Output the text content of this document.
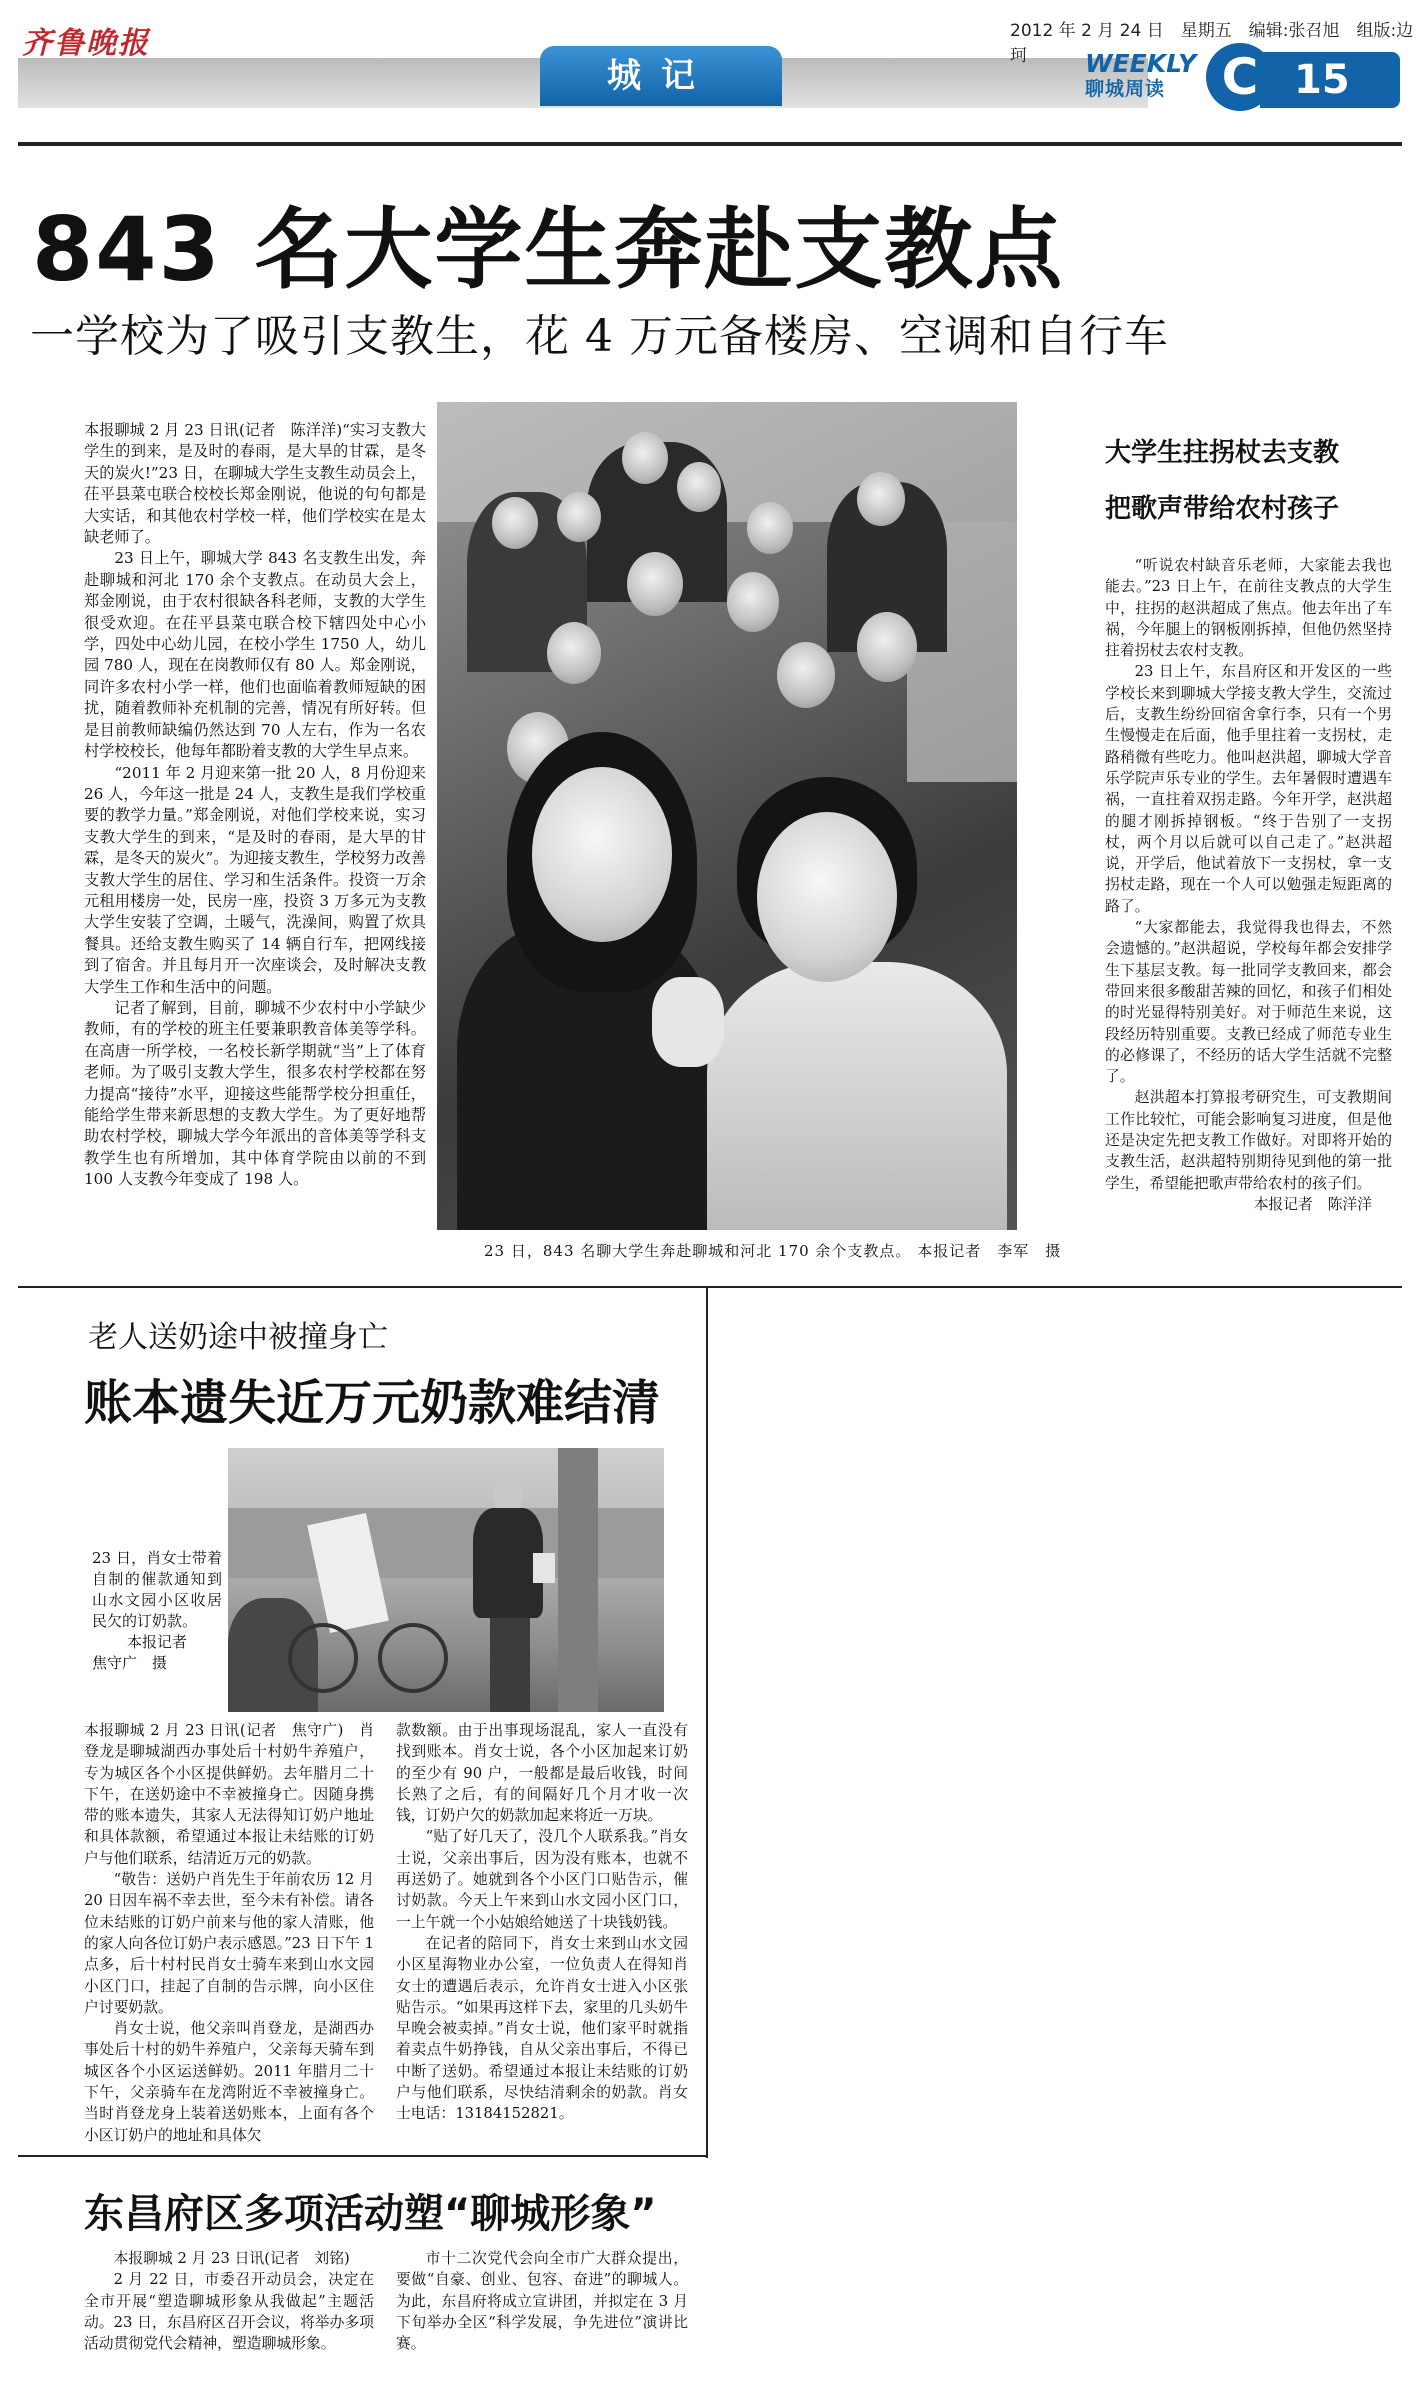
齐鲁晚报	2012 年 2 月 24 日　星期五　编辑:张召旭　组版:边珂
城记	WEEKLY
聊城周读	15
C
843 名大学生奔赴支教点
一学校为了吸引支教生，花 4 万元备楼房、空调和自行车

本报聊城 2 月 23 日讯(记者　陈洋洋)“实习支教大学生的到来，是及时的春雨，是大旱的甘霖，是冬天的炭火!”23 日，在聊城大学生支教生动员会上，茌平县菜屯联合校校长郑金刚说，他说的句句都是大实话，和其他农村学校一样，他们学校实在是太缺老师了。

23 日上午，聊城大学 843 名支教生出发，奔赴聊城和河北 170 余个支教点。在动员大会上，郑金刚说，由于农村很缺各科老师，支教的大学生很受欢迎。在茌平县菜屯联合校下辖四处中心小学，四处中心幼儿园，在校小学生 1750 人，幼儿园 780 人，现在在岗教师仅有 80 人。郑金刚说，同许多农村小学一样，他们也面临着教师短缺的困扰，随着教师补充机制的完善，情况有所好转。但是目前教师缺编仍然达到 70 人左右，作为一名农村学校校长，他每年都盼着支教的大学生早点来。

“2011 年 2 月迎来第一批 20 人，8 月份迎来 26 人，今年这一批是 24 人，支教生是我们学校重要的教学力量。”郑金刚说，对他们学校来说，实习支教大学生的到来，“是及时的春雨，是大旱的甘霖，是冬天的炭火”。为迎接支教生，学校努力改善支教大学生的居住、学习和生活条件。投资一万余元租用楼房一处，民房一座，投资 3 万多元为支教大学生安装了空调，土暖气，洗澡间，购置了炊具餐具。还给支教生购买了 14 辆自行车，把网线接到了宿舍。并且每月开一次座谈会，及时解决支教大学生工作和生活中的问题。

记者了解到，目前，聊城不少农村中小学缺少教师，有的学校的班主任要兼职教音体美等学科。在高唐一所学校，一名校长新学期就“当”上了体育老师。为了吸引支教大学生，很多农村学校都在努力提高“接待”水平，迎接这些能帮学校分担重任，能给学生带来新思想的支教大学生。为了更好地帮助农村学校，聊城大学今年派出的音体美等学科支教学生也有所增加，其中体育学院由以前的不到 100 人支教今年变成了 198 人。

23 日，843 名聊大学生奔赴聊城和河北 170 余个支教点。 本报记者　李军　摄
大学生拄拐杖去支教
把歌声带给农村孩子

“听说农村缺音乐老师，大家能去我也能去。”23 日上午，在前往支教点的大学生中，拄拐的赵洪超成了焦点。他去年出了车祸，今年腿上的钢板刚拆掉，但他仍然坚持拄着拐杖去农村支教。

23 日上午，东昌府区和开发区的一些学校长来到聊城大学接支教大学生，交流过后，支教生纷纷回宿舍拿行李，只有一个男生慢慢走在后面，他手里拄着一支拐杖，走路稍微有些吃力。他叫赵洪超，聊城大学音乐学院声乐专业的学生。去年暑假时遭遇车祸，一直拄着双拐走路。今年开学，赵洪超的腿才刚拆掉钢板。“终于告别了一支拐杖，两个月以后就可以自己走了。”赵洪超说，开学后，他试着放下一支拐杖，拿一支拐杖走路，现在一个人可以勉强走短距离的路了。

“大家都能去，我觉得我也得去，不然会遗憾的。”赵洪超说，学校每年都会安排学生下基层支教。每一批同学支教回来，都会带回来很多酸甜苦辣的回忆，和孩子们相处的时光显得特别美好。对于师范生来说，这段经历特别重要。支教已经成了师范专业生的必修课了，不经历的话大学生活就不完整了。

赵洪超本打算报考研究生，可支教期间工作比较忙，可能会影响复习进度，但是他还是决定先把支教工作做好。对即将开始的支教生活，赵洪超特别期待见到他的第一批学生，希望能把歌声带给农村的孩子们。

本报记者　陈洋洋
老人送奶途中被撞身亡
账本遗失近万元奶款难结清
23 日，肖女士带着自制的催款通知到山水文园小区收居民欠的订奶款。
本报记者
焦守广　摄

本报聊城 2 月 23 日讯(记者　焦守广)　肖登龙是聊城湖西办事处后十村奶牛养殖户，专为城区各个小区提供鲜奶。去年腊月二十下午，在送奶途中不幸被撞身亡。因随身携带的账本遗失，其家人无法得知订奶户地址和具体款额，希望通过本报让未结账的订奶户与他们联系，结清近万元的奶款。

“敬告：送奶户肖先生于年前农历 12 月 20 日因车祸不幸去世，至今未有补偿。请各位未结账的订奶户前来与他的家人清账，他的家人向各位订奶户表示感恩。”23 日下午 1 点多，后十村村民肖女士骑车来到山水文园小区门口，挂起了自制的告示牌，向小区住户讨要奶款。

肖女士说，他父亲叫肖登龙，是湖西办事处后十村的奶牛养殖户，父亲每天骑车到城区各个小区运送鲜奶。2011 年腊月二十下午，父亲骑车在龙湾附近不幸被撞身亡。当时肖登龙身上装着送奶账本，上面有各个小区订奶户的地址和具体欠

款数额。由于出事现场混乱，家人一直没有找到账本。肖女士说，各个小区加起来订奶的至少有 90 户，一般都是最后收钱，时间长熟了之后，有的间隔好几个月才收一次钱，订奶户欠的奶款加起来将近一万块。

“贴了好几天了，没几个人联系我。”肖女士说，父亲出事后，因为没有账本，也就不再送奶了。她就到各个小区门口贴告示，催讨奶款。今天上午来到山水文园小区门口，一上午就一个小姑娘给她送了十块钱奶钱。

在记者的陪同下，肖女士来到山水文园小区星海物业办公室，一位负责人在得知肖女士的遭遇后表示，允许肖女士进入小区张贴告示。“如果再这样下去，家里的几头奶牛早晚会被卖掉。”肖女士说，他们家平时就指着卖点牛奶挣钱，自从父亲出事后，不得已中断了送奶。希望通过本报让未结账的订奶户与他们联系，尽快结清剩余的奶款。肖女士电话：13184152821。

东昌府区多项活动塑“聊城形象”

本报聊城 2 月 23 日讯(记者　刘铭)

2 月 22 日，市委召开动员会，决定在全市开展“塑造聊城形象从我做起”主题活动。23 日，东昌府区召开会议，将举办多项活动贯彻党代会精神，塑造聊城形象。

市十二次党代会向全市广大群众提出，要做“自豪、创业、包容、奋进”的聊城人。为此，东昌府将成立宣讲团，并拟定在 3 月下旬举办全区“科学发展，争先进位”演讲比赛。
